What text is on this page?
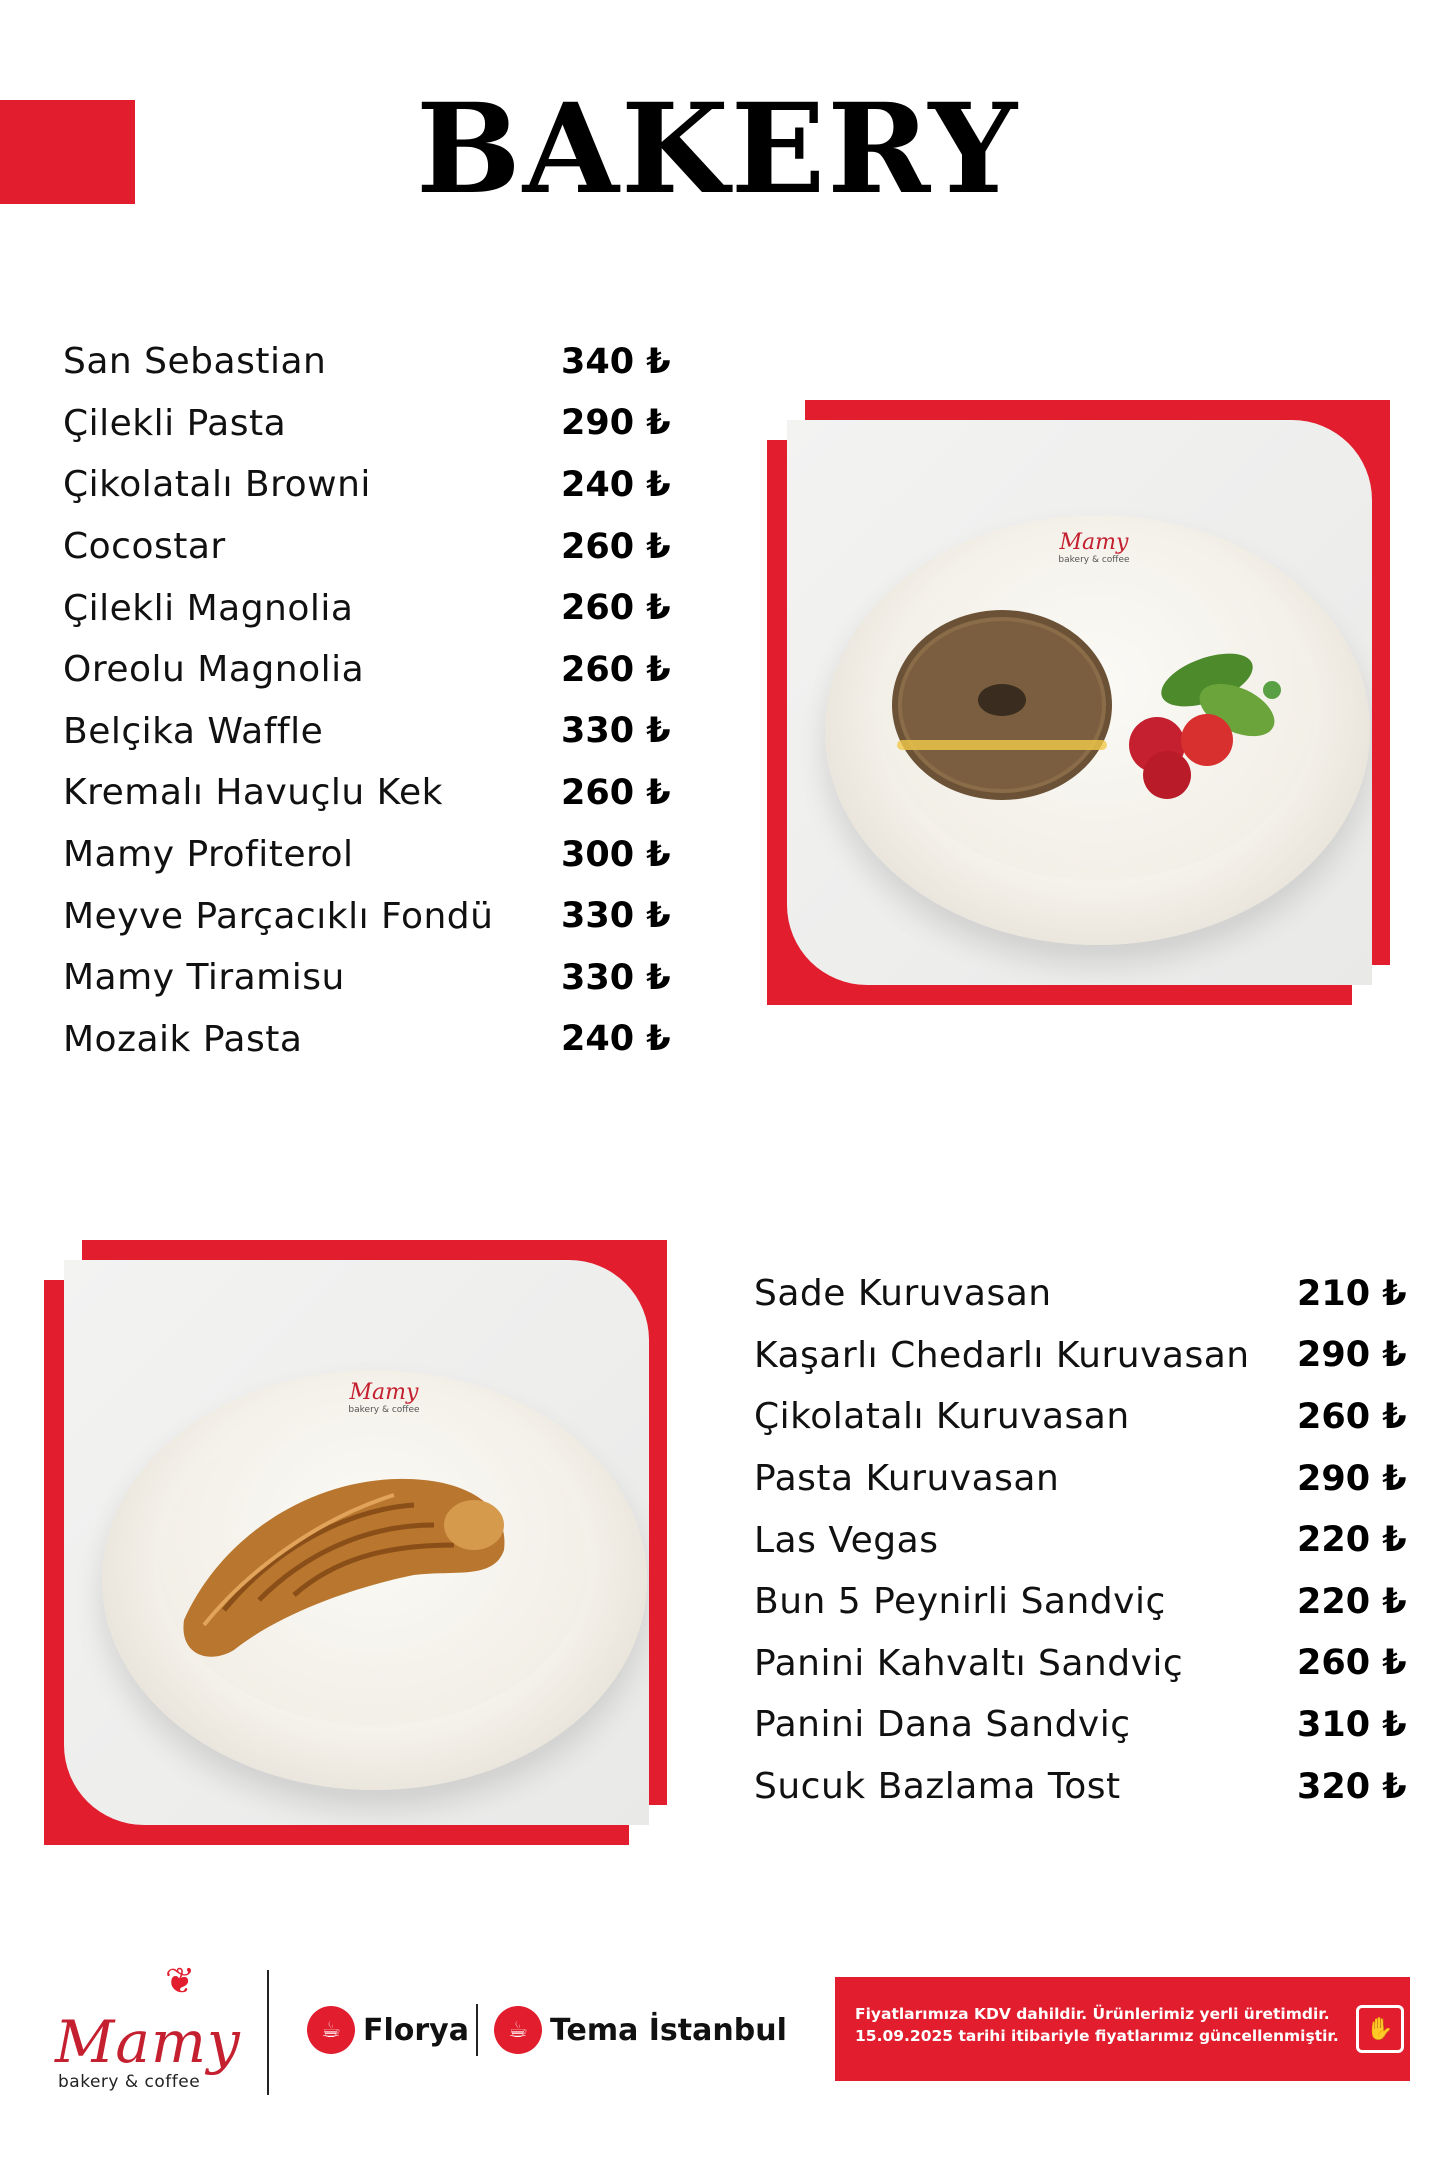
BAKERY
San Sebastian	340 ₺
Çilekli Pasta	290 ₺
Çikolatalı Browni	240 ₺
Cocostar	260 ₺
Çilekli Magnolia	260 ₺
Oreolu Magnolia	260 ₺
Belçika Waffle	330 ₺
Kremalı Havuçlu Kek	260 ₺
Mamy Profiterol	300 ₺
Meyve Parçacıklı Fondü 330 ₺
Mamy Tiramisu	330 ₺
Mozaik Pasta	240 ₺
Mamy
bakery & coffee
Mamy
bakery & coffee
Sade Kuruvasan	210 ₺
Kaşarlı Chedarlı Kuruvasan 290 ₺
Çikolatalı Kuruvasan	260 ₺
Pasta Kuruvasan	290 ₺
Las Vegas	220 ₺
Bun 5 Peynirli Sandviç	220 ₺
Panini Kahvaltı Sandviç	260 ₺
Panini Dana Sandviç	310 ₺
Sucuk Bazlama Tost	320 ₺
❦
Mamy
bakery & coffee
☕ Florya	☕ Tema İstanbul	Fiyatlarımıza KDV dahildir. Ürünlerimiz yerli üretimdir.
15.09.2025 tarihi itibariyle fiyatlarımız güncellenmiştir.	✋
